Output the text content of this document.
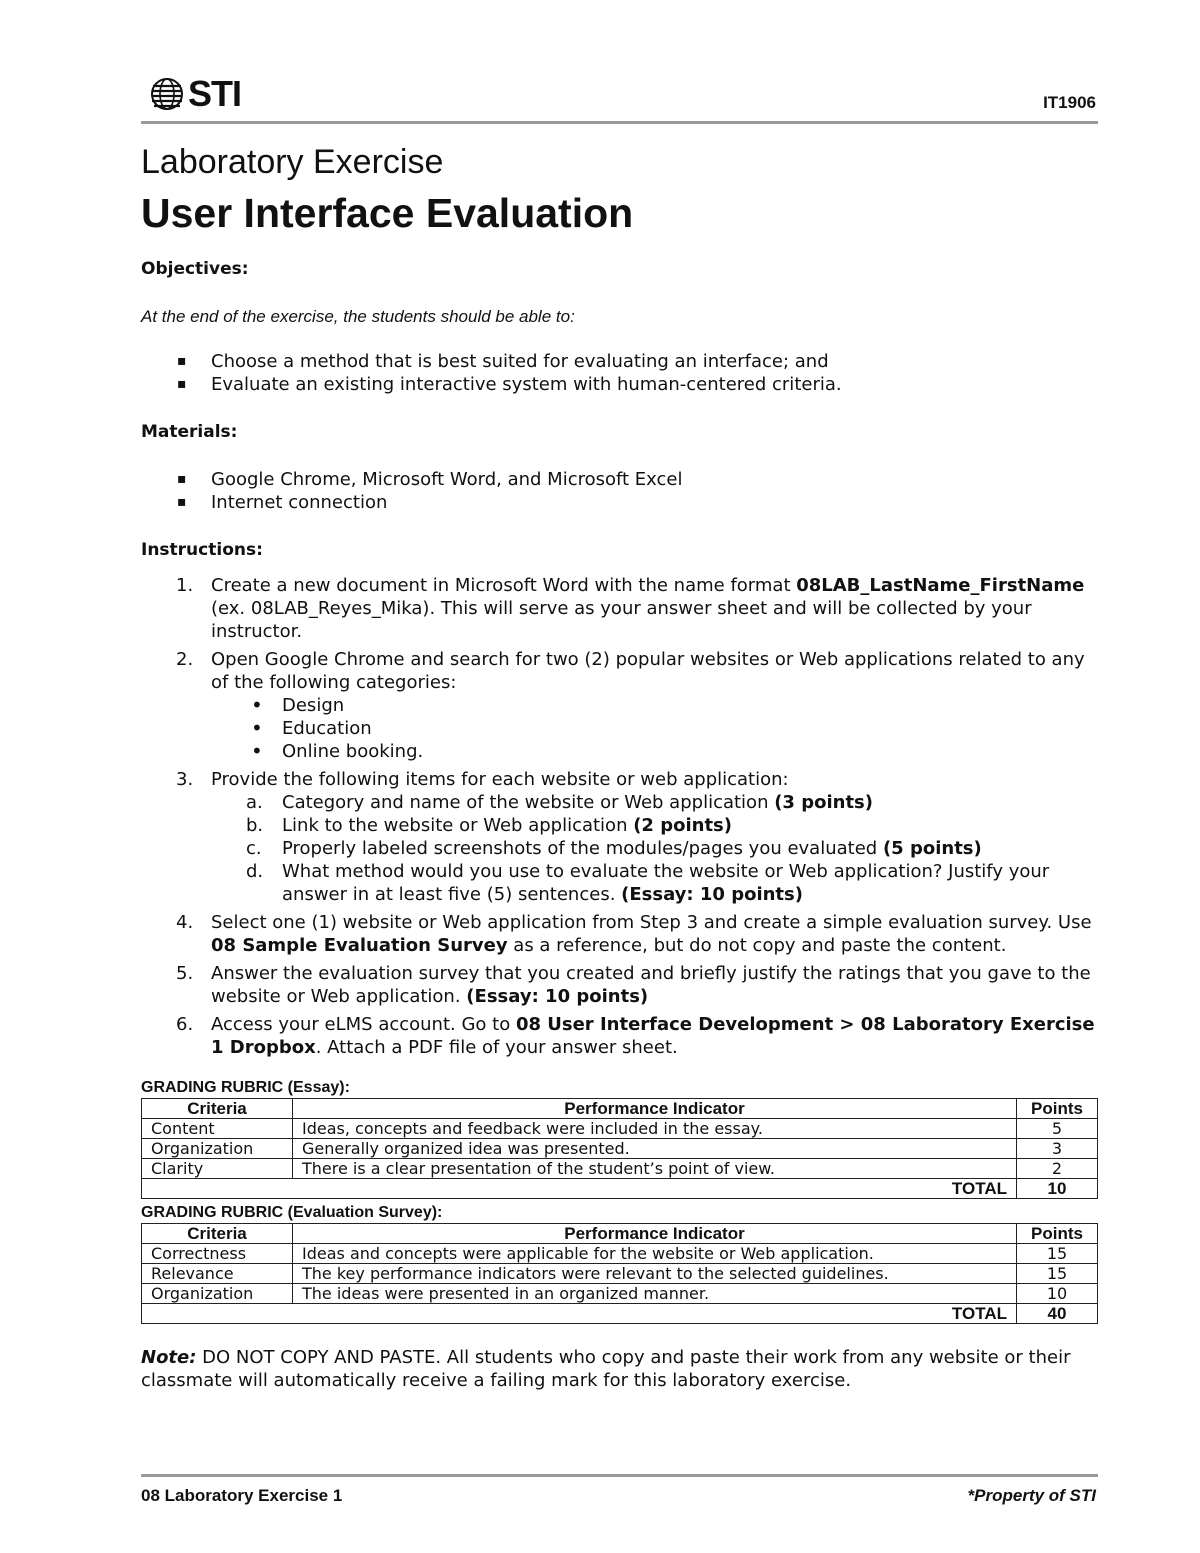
STI	IT1906
Laboratory Exercise
User Interface Evaluation

Objectives:

At the end of the exercise, the students should be able to:

▪ Choose a method that is best suited for evaluating an interface; and
▪ Evaluate an existing interactive system with human-centered criteria.

Materials:

▪ Google Chrome, Microsoft Word, and Microsoft Excel
▪ Internet connection

Instructions:

1. Create a new document in Microsoft Word with the name format 08LAB_LastName_FirstName (ex. 08LAB_Reyes_Mika). This will serve as your answer sheet and will be collected by your instructor.
2. Open Google Chrome and search for two (2) popular websites or Web applications related to any of the following categories:
• Design
• Education
• Online booking.
3. Provide the following items for each website or web application:
a. Category and name of the website or Web application (3 points)
b. Link to the website or Web application (2 points)
c. Properly labeled screenshots of the modules/pages you evaluated (5 points)
d. What method would you use to evaluate the website or Web application? Justify your answer in at least five (5) sentences. (Essay: 10 points)
4. Select one (1) website or Web application from Step 3 and create a simple evaluation survey. Use 08 Sample Evaluation Survey as a reference, but do not copy and paste the content.
5. Answer the evaluation survey that you created and briefly justify the ratings that you gave to the website or Web application. (Essay: 10 points)
6. Access your eLMS account. Go to 08 User Interface Development > 08 Laboratory Exercise 1 Dropbox. Attach a PDF file of your answer sheet.

GRADING RUBRIC (Essay):

Criteria	Performance Indicator	Points
Content	Ideas, concepts and feedback were included in the essay.	5
Organization	Generally organized idea was presented.	3
Clarity	There is a clear presentation of the student’s point of view.	2
TOTAL		10

GRADING RUBRIC (Evaluation Survey):

Criteria	Performance Indicator	Points
Correctness	Ideas and concepts were applicable for the website or Web application.	15
Relevance	The key performance indicators were relevant to the selected guidelines.	15
Organization	The ideas were presented in an organized manner.	10
TOTAL		40

Note: DO NOT COPY AND PASTE. All students who copy and paste their work from any website or their classmate will automatically receive a failing mark for this laboratory exercise.

08 Laboratory Exercise 1	*Property of STI
